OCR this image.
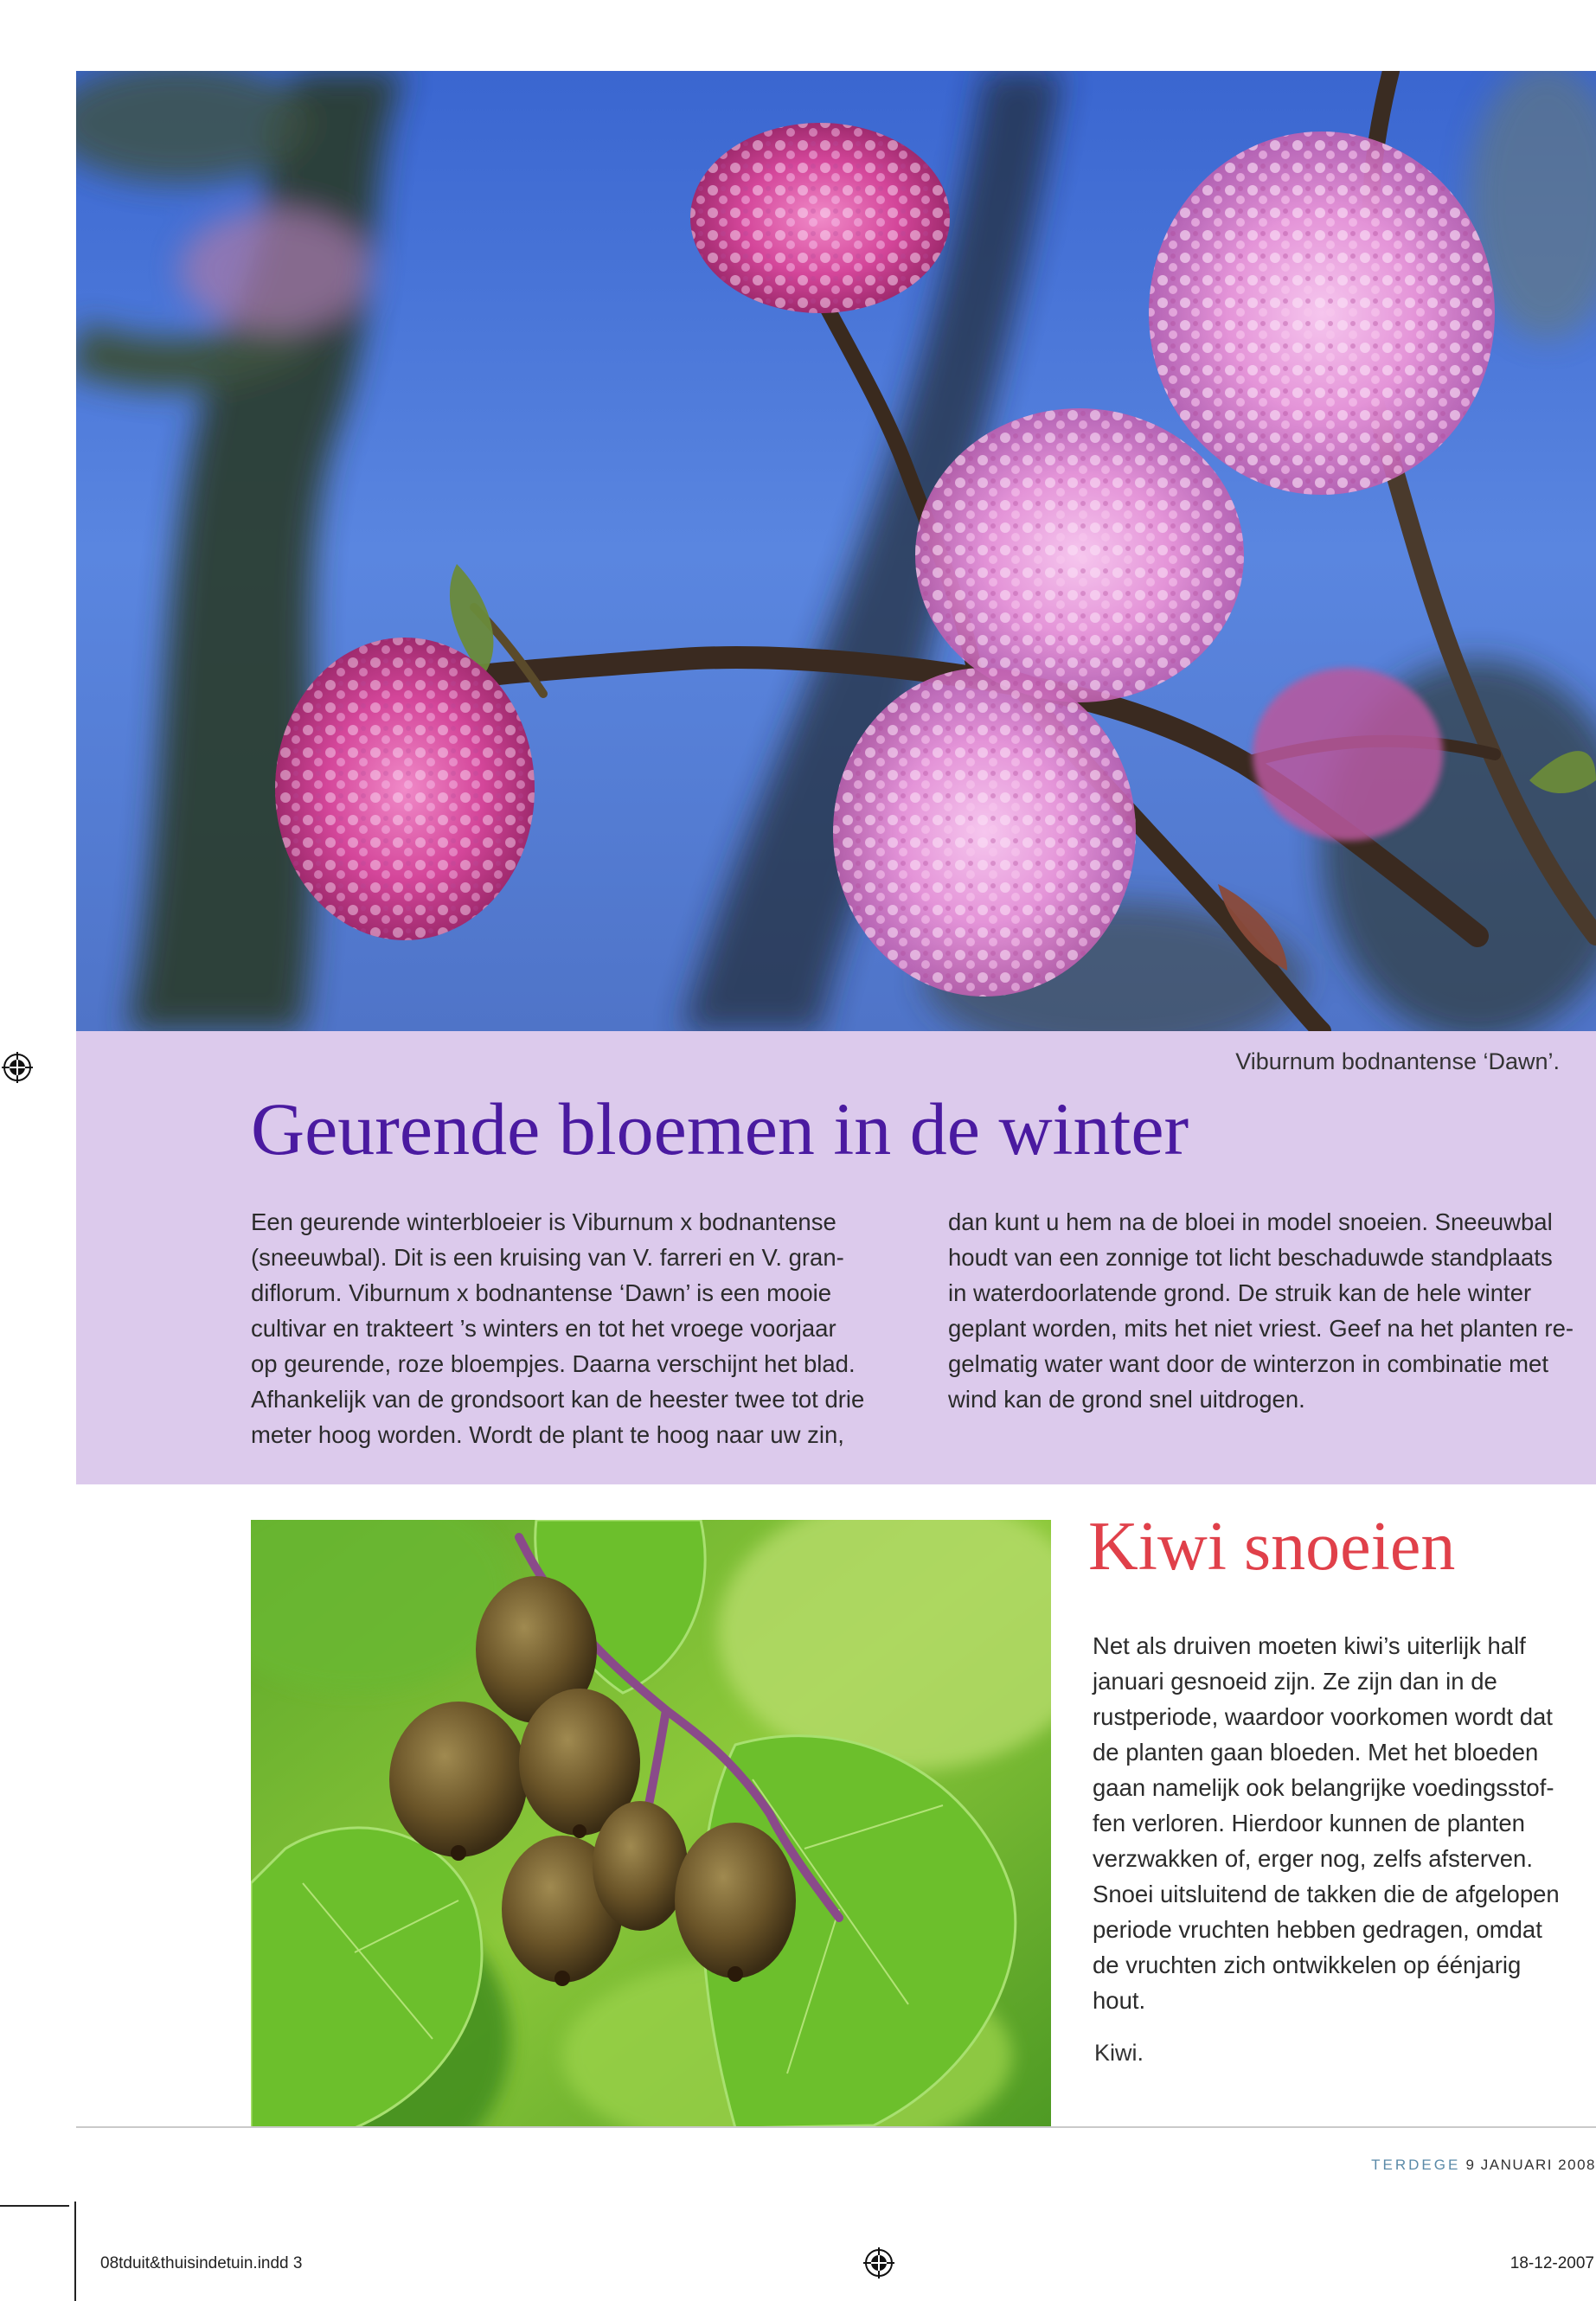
Viburnum bodnantense ‘Dawn’.
Geurende bloemen in de winter
Een geurende winterbloeier is Viburnum x bodnantense
(sneeuwbal). Dit is een kruising van V. farreri en V. gran-
diflorum. Viburnum x bodnantense ‘Dawn’ is een mooie
cultivar en trakteert ’s winters en tot het vroege voorjaar
op geurende, roze bloempjes. Daarna verschijnt het blad.
Afhankelijk van de grondsoort kan de heester twee tot drie
meter hoog worden. Wordt de plant te hoog naar uw zin,
dan kunt u hem na de bloei in model snoeien. Sneeuwbal
houdt van een zonnige tot licht beschaduwde standplaats
in waterdoorlatende grond. De struik kan de hele winter
geplant worden, mits het niet vriest. Geef na het planten re-
gelmatig water want door de winterzon in combinatie met
wind kan de grond snel uitdrogen.
Kiwi snoeien
Net als druiven moeten kiwi’s uiterlijk half
januari gesnoeid zijn. Ze zijn dan in de
rustperiode, waardoor voorkomen wordt dat
de planten gaan bloeden. Met het bloeden
gaan namelijk ook belangrijke voedingsstof-
fen verloren. Hierdoor kunnen de planten
verzwakken of, erger nog, zelfs afsterven.
Snoei uitsluitend de takken die de afgelopen
periode vruchten hebben gedragen, omdat
de vruchten zich ontwikkelen op éénjarig
hout.
Kiwi.
TERDEGE 9 JANUARI 2008
08tduit&thuisindetuin.indd 3	18-12-2007
